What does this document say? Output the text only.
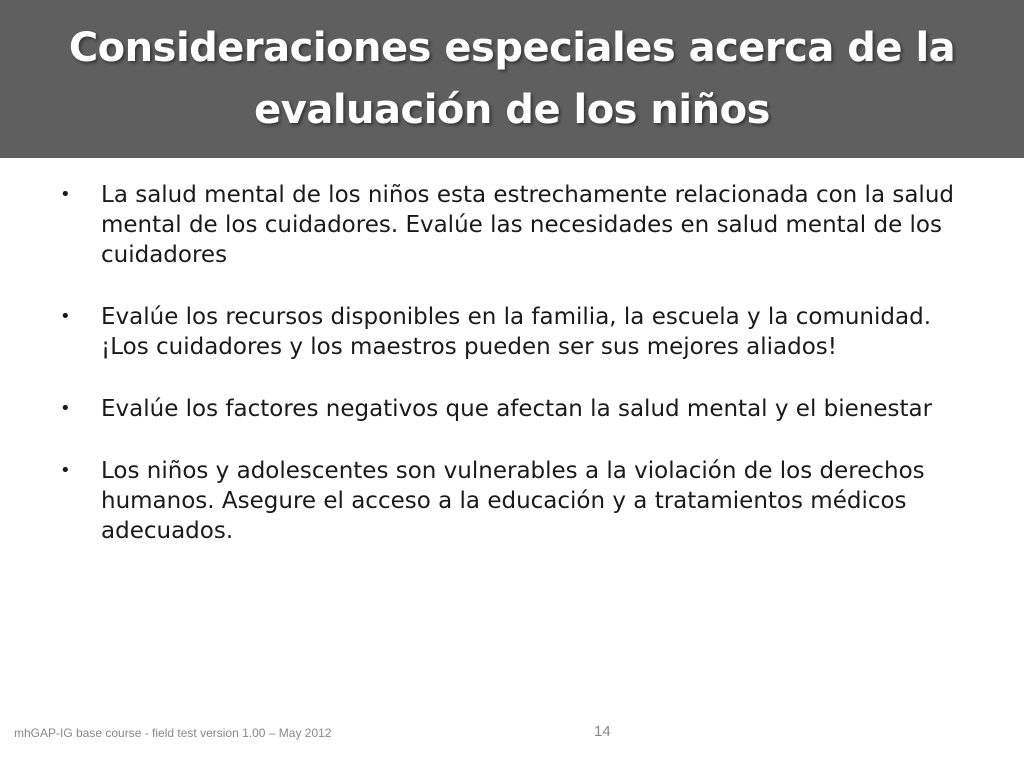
Consideraciones especiales acerca de la evaluación de los niños
• La salud mental de los niños esta estrechamente relacionada con la salud mental de los cuidadores. Evalúe las necesidades en salud mental de los cuidadores
• Evalúe los recursos disponibles en la familia, la escuela y la comunidad. ¡Los cuidadores y los maestros pueden ser sus mejores aliados!
• Evalúe los factores negativos que afectan la salud mental y el bienestar
• Los niños y adolescentes son vulnerables a la violación de los derechos humanos. Asegure el acceso a la educación y a tratamientos médicos adecuados.
mhGAP-IG base course - field test version 1.00 – May 2012	14
